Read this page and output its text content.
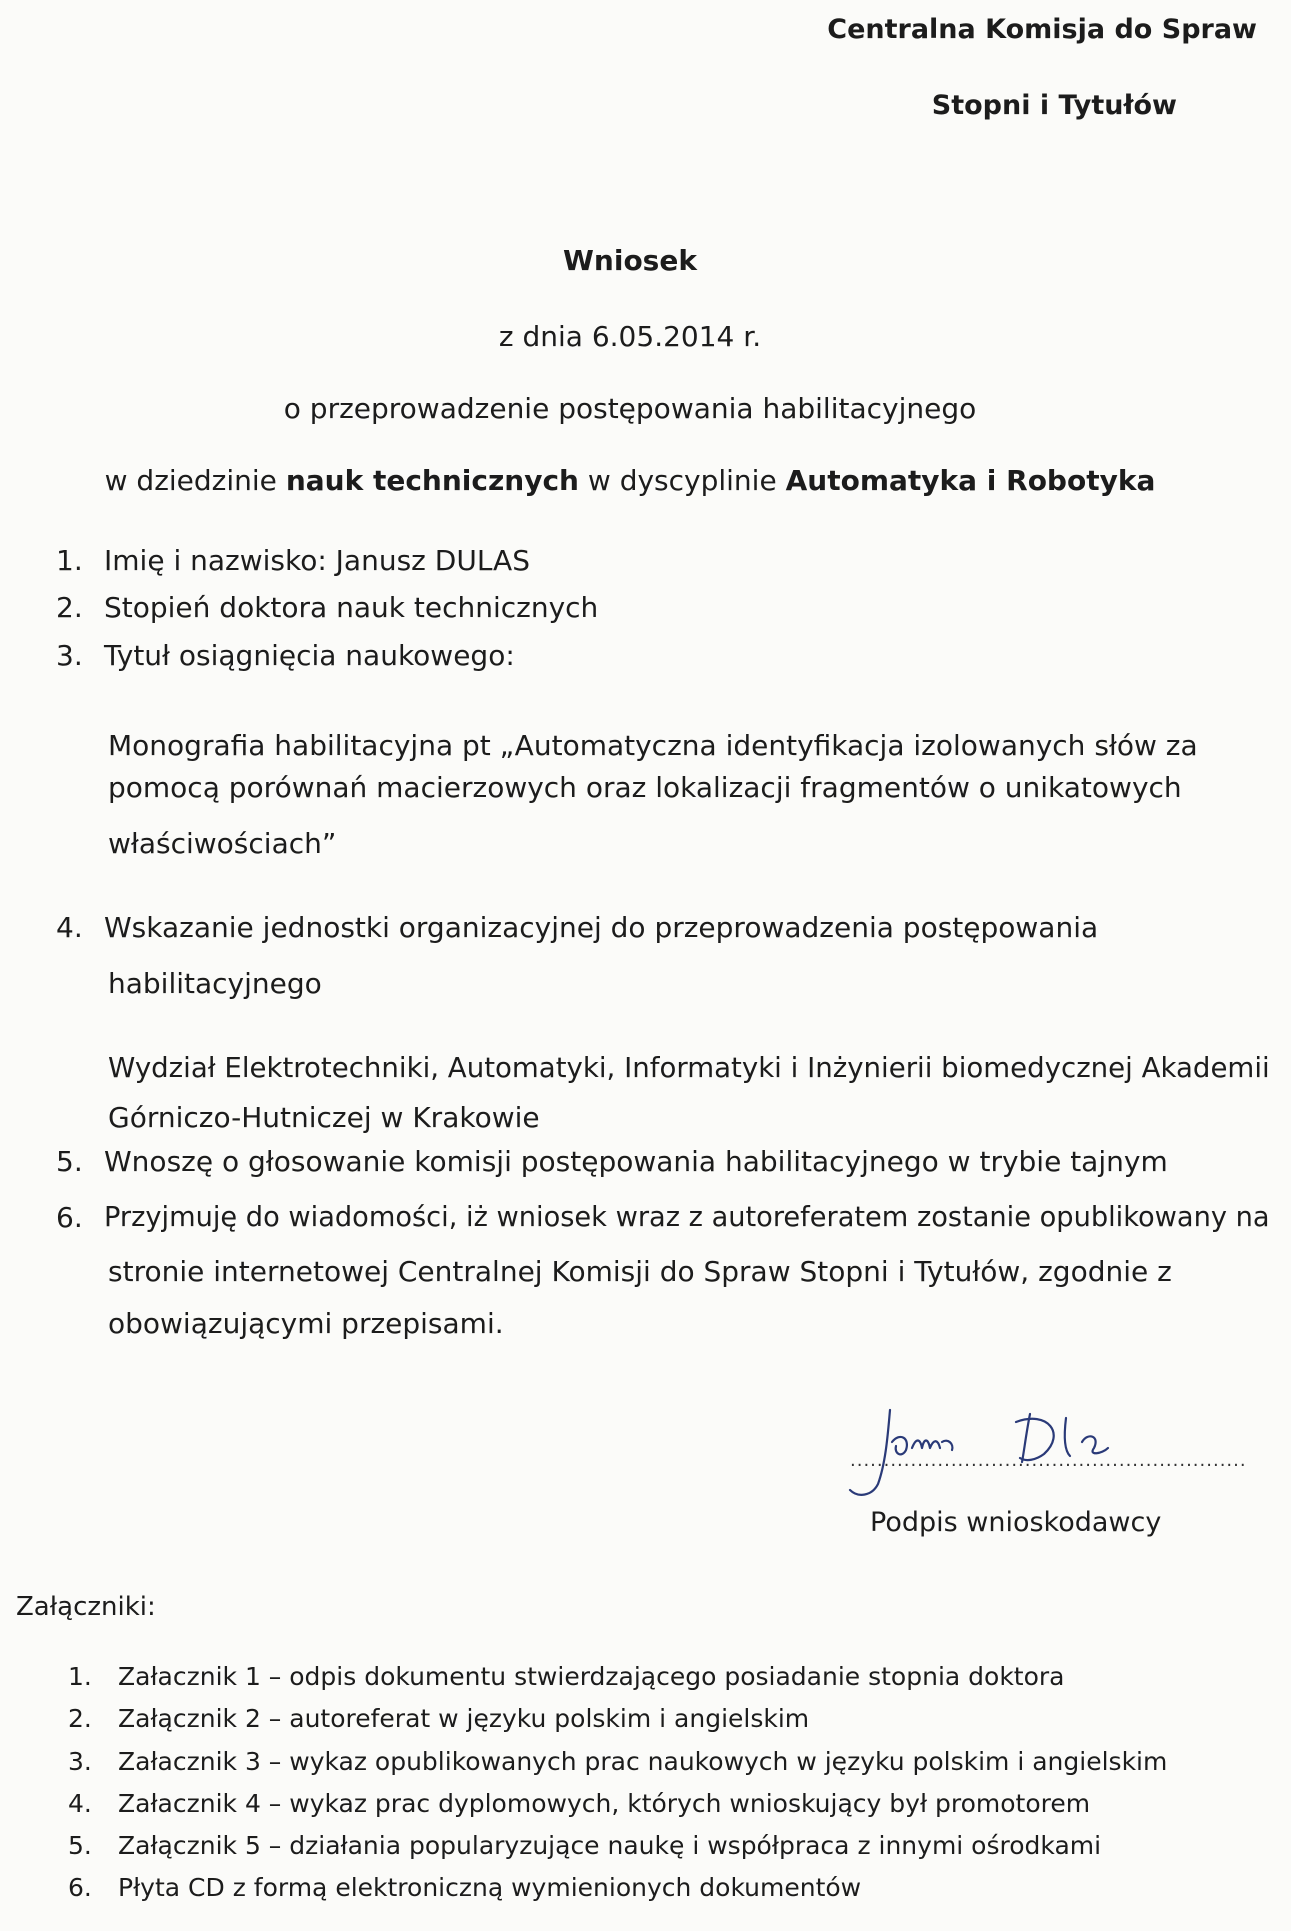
Centralna Komisja do Spraw
Stopni i Tytułów
Wniosek
z dnia 6.05.2014 r.
o przeprowadzenie postępowania habilitacyjnego
w dziedzinie nauk technicznych w dyscyplinie Automatyka i Robotyka
1. Imię i nazwisko: Janusz DULAS
2. Stopień doktora nauk technicznych
3. Tytuł osiągnięcia naukowego:
Monografia habilitacyjna pt „Automatyczna identyfikacja izolowanych słów za
pomocą porównań macierzowych oraz lokalizacji fragmentów o unikatowych
właściwościach”
4. Wskazanie jednostki organizacyjnej do przeprowadzenia postępowania
habilitacyjnego
Wydział Elektrotechniki, Automatyki, Informatyki i Inżynierii biomedycznej Akademii
Górniczo-Hutniczej w Krakowie
5. Wnoszę o głosowanie komisji postępowania habilitacyjnego w trybie tajnym
6. Przyjmuję do wiadomości, iż wniosek wraz z autoreferatem zostanie opublikowany na
stronie internetowej Centralnej Komisji do Spraw Stopni i Tytułów, zgodnie z
obowiązującymi przepisami.
...........................................................
Podpis wnioskodawcy
Załączniki:
1.	Załacznik 1 – odpis dokumentu stwierdzającego posiadanie stopnia doktora
2.	Załącznik 2 – autoreferat w języku polskim i angielskim
3.	Załacznik 3 – wykaz opublikowanych prac naukowych w języku polskim i angielskim
4.	Załacznik 4 – wykaz prac dyplomowych, których wnioskujący był promotorem
5.	Załącznik 5 – działania popularyzujące naukę i współpraca z innymi ośrodkami
6.	Płyta CD z formą elektroniczną wymienionych dokumentów
